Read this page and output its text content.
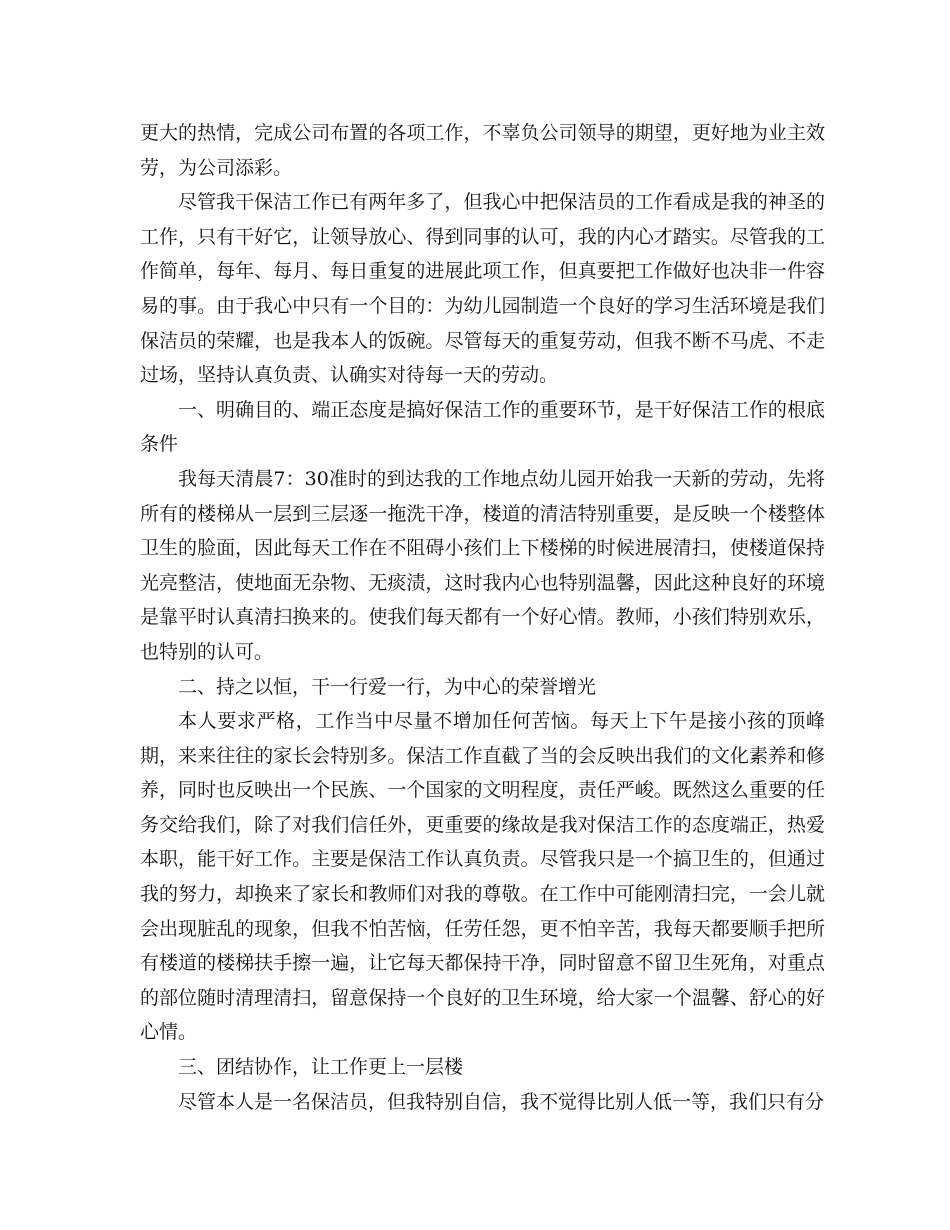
更大的热情，完成公司布置的各项工作，不辜负公司领导的期望，更好地为业主效劳，为公司添彩。

尽管我干保洁工作已有两年多了，但我心中把保洁员的工作看成是我的神圣的工作，只有干好它，让领导放心、得到同事的认可，我的内心才踏实。尽管我的工作简单，每年、每月、每日重复的进展此项工作，但真要把工作做好也决非一件容易的事。由于我心中只有一个目的：为幼儿园制造一个良好的学习生活环境是我们保洁员的荣耀，也是我本人的饭碗。尽管每天的重复劳动，但我不断不马虎、不走过场，坚持认真负责、认确实对待每一天的劳动。

一、明确目的、端正态度是搞好保洁工作的重要环节，是干好保洁工作的根底条件

我每天清晨7：30准时的到达我的工作地点幼儿园开始我一天新的劳动，先将所有的楼梯从一层到三层逐一拖洗干净，楼道的清洁特别重要，是反映一个楼整体卫生的脸面，因此每天工作在不阻碍小孩们上下楼梯的时候进展清扫，使楼道保持光亮整洁，使地面无杂物、无痰渍，这时我内心也特别温馨，因此这种良好的环境是靠平时认真清扫换来的。使我们每天都有一个好心情。教师，小孩们特别欢乐，也特别的认可。

二、持之以恒，干一行爱一行，为中心的荣誉增光

本人要求严格，工作当中尽量不增加任何苦恼。每天上下午是接小孩的顶峰期，来来往往的家长会特别多。保洁工作直截了当的会反映出我们的文化素养和修养，同时也反映出一个民族、一个国家的文明程度，责任严峻。既然这么重要的任务交给我们，除了对我们信任外，更重要的缘故是我对保洁工作的态度端正，热爱本职，能干好工作。主要是保洁工作认真负责。尽管我只是一个搞卫生的，但通过我的努力，却换来了家长和教师们对我的尊敬。在工作中可能刚清扫完，一会儿就会出现脏乱的现象，但我不怕苦恼，任劳任怨，更不怕辛苦，我每天都要顺手把所有楼道的楼梯扶手擦一遍，让它每天都保持干净，同时留意不留卫生死角，对重点的部位随时清理清扫，留意保持一个良好的卫生环境，给大家一个温馨、舒心的好心情。

三、团结协作，让工作更上一层楼

尽管本人是一名保洁员，但我特别自信，我不觉得比别人低一等，我们只有分
